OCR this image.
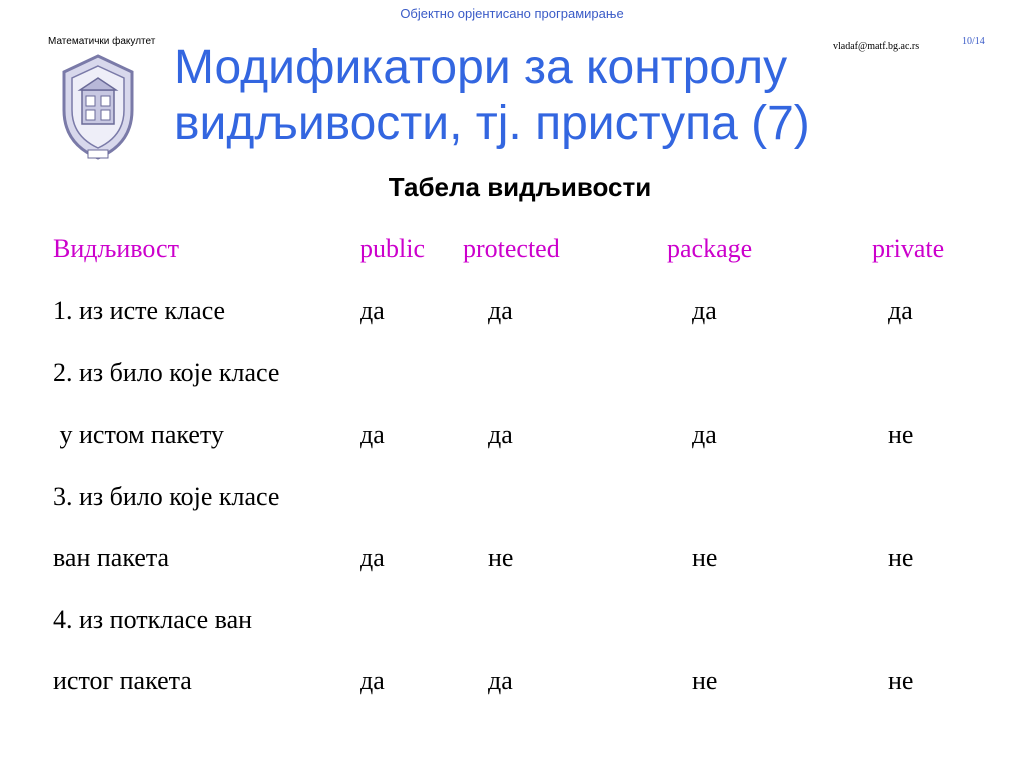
Објектно орјентисано програмирање
Математички факултет	vladaf@matf.bg.ac.rs	10/14
Модификатори за контролу
видљивости, тј. приступа (7)
Табела видљивости
Видљивост	public protected	package	private
1. из исте класе	да	да	да	да
2. из било које класе
у истом пакету	да	да	да	не
3. из било које класе
ван пакета	да	не	не	не
4. из поткласе ван
истог пакета	да	да	не	не
